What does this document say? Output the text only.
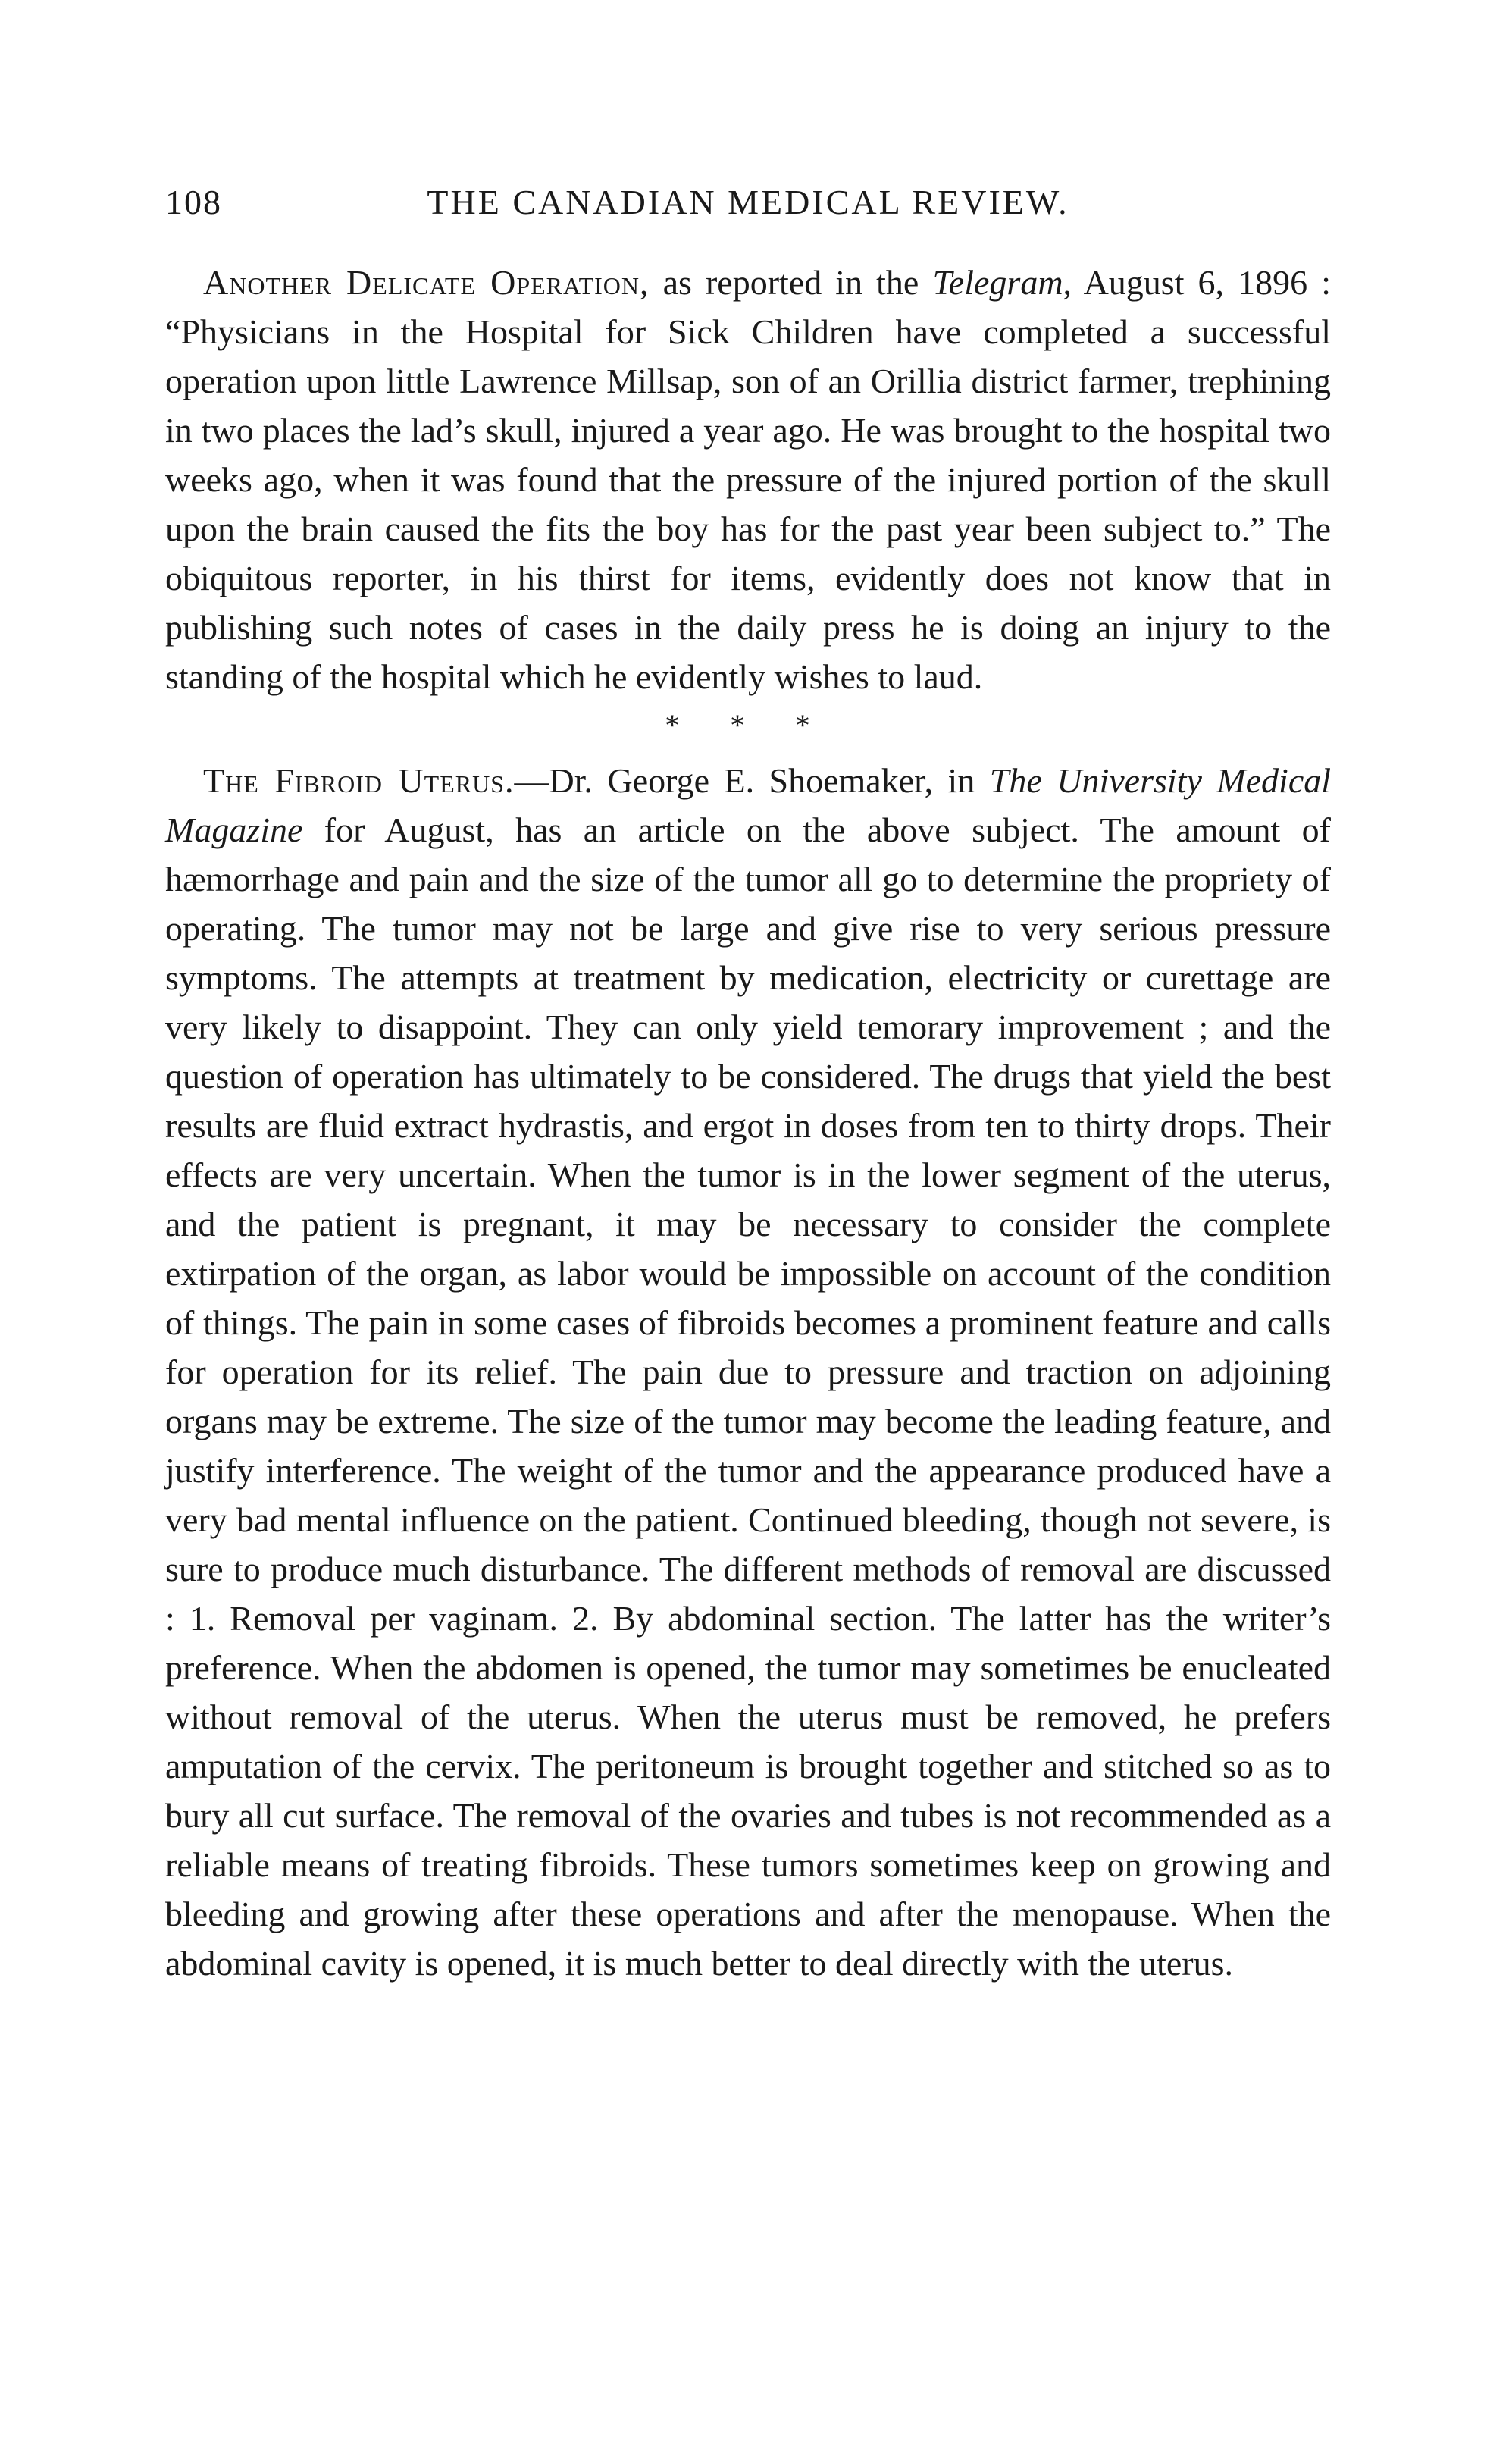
108	THE CANADIAN MEDICAL REVIEW.

Another Delicate Operation, as reported in the Telegram, August 6, 1896 : “Physicians in the Hospital for Sick Children have completed a successful operation upon little Lawrence Millsap, son of an Orillia district farmer, trephining in two places the lad’s skull, injured a year ago. He was brought to the hospital two weeks ago, when it was found that the pressure of the injured portion of the skull upon the brain caused the fits the boy has for the past year been subject to.” The obiquitous reporter, in his thirst for items, evidently does not know that in publishing such notes of cases in the daily press he is doing an injury to the standing of the hospital which he evidently wishes to laud.

* * *

The Fibroid Uterus.—Dr. George E. Shoemaker, in The University Medical Magazine for August, has an article on the above subject. The amount of hæmorrhage and pain and the size of the tumor all go to determine the propriety of operating. The tumor may not be large and give rise to very serious pressure symptoms. The attempts at treatment by medication, electricity or curettage are very likely to disappoint. They can only yield temorary improvement ; and the question of operation has ultimately to be considered. The drugs that yield the best results are fluid extract hydrastis, and ergot in doses from ten to thirty drops. Their effects are very uncertain. When the tumor is in the lower segment of the uterus, and the patient is pregnant, it may be necessary to consider the complete extirpation of the organ, as labor would be impossible on account of the condition of things. The pain in some cases of fibroids becomes a prominent feature and calls for operation for its relief. The pain due to pressure and traction on adjoining organs may be extreme. The size of the tumor may become the leading feature, and justify interference. The weight of the tumor and the appearance produced have a very bad mental influence on the patient. Continued bleeding, though not severe, is sure to produce much disturbance. The different methods of removal are discussed : 1. Removal per vaginam. 2. By abdominal section. The latter has the writer’s preference. When the abdomen is opened, the tumor may sometimes be enucleated without removal of the uterus. When the uterus must be removed, he prefers amputation of the cervix. The peritoneum is brought together and stitched so as to bury all cut surface. The removal of the ovaries and tubes is not recommended as a reliable means of treating fibroids. These tumors sometimes keep on growing and bleeding and growing after these operations and after the menopause. When the abdominal cavity is opened, it is much better to deal directly with the uterus.
